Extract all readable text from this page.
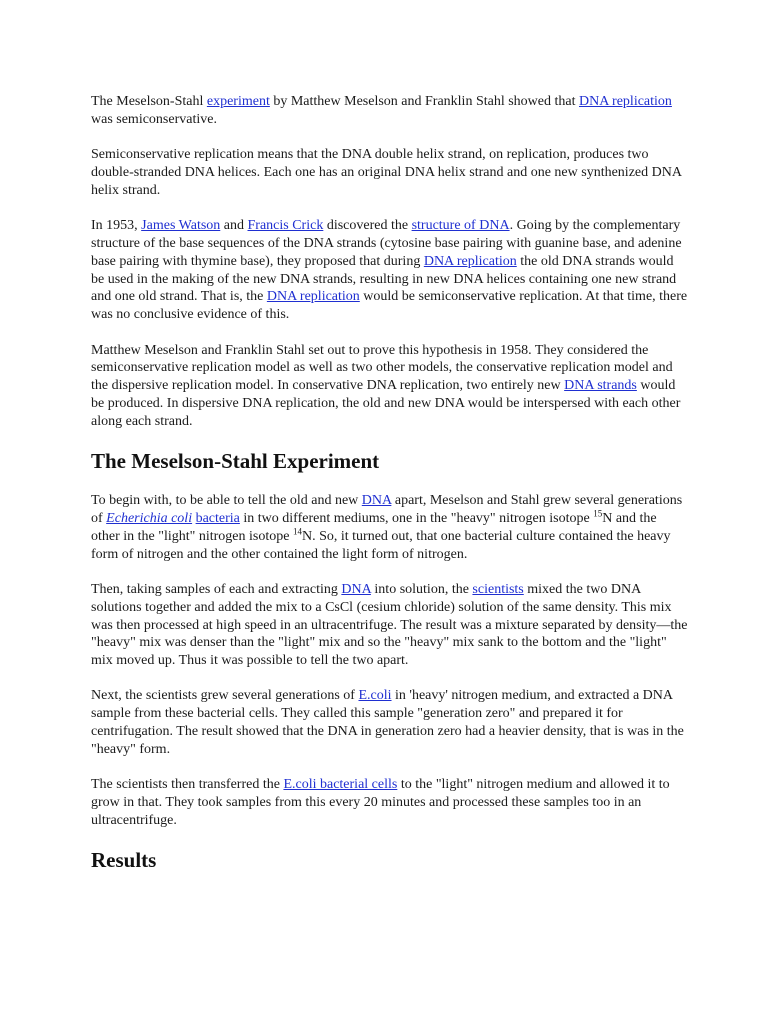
The Meselson-Stahl experiment by Matthew Meselson and Franklin Stahl showed that DNA replication was semiconservative.

Semiconservative replication means that the DNA double helix strand, on replication, produces two double-stranded DNA helices. Each one has an original DNA helix strand and one new synthenized DNA helix strand.

In 1953, James Watson and Francis Crick discovered the structure of DNA. Going by the complementary structure of the base sequences of the DNA strands (cytosine base pairing with guanine base, and adenine base pairing with thymine base), they proposed that during DNA replication the old DNA strands would be used in the making of the new DNA strands, resulting in new DNA helices containing one new strand and one old strand. That is, the DNA replication would be semiconservative replication. At that time, there was no conclusive evidence of this.

Matthew Meselson and Franklin Stahl set out to prove this hypothesis in 1958. They considered the semiconservative replication model as well as two other models, the conservative replication model and the dispersive replication model. In conservative DNA replication, two entirely new DNA strands would be produced. In dispersive DNA replication, the old and new DNA would be interspersed with each other along each strand.

The Meselson-Stahl Experiment

To begin with, to be able to tell the old and new DNA apart, Meselson and Stahl grew several generations of Echerichia coli bacteria in two different mediums, one in the "heavy" nitrogen isotope $^{15}$N and the other in the "light" nitrogen isotope $^{14}$N. So, it turned out, that one bacterial culture contained the heavy form of nitrogen and the other contained the light form of nitrogen.

Then, taking samples of each and extracting DNA into solution, the scientists mixed the two DNA solutions together and added the mix to a CsCl (cesium chloride) solution of the same density. This mix was then processed at high speed in an ultracentrifuge. The result was a mixture separated by density—the "heavy" mix was denser than the "light" mix and so the "heavy" mix sank to the bottom and the "light" mix moved up. Thus it was possible to tell the two apart.

Next, the scientists grew several generations of E.coli in 'heavy' nitrogen medium, and extracted a DNA sample from these bacterial cells. They called this sample "generation zero" and prepared it for centrifugation. The result showed that the DNA in generation zero had a heavier density, that is was in the "heavy" form.

The scientists then transferred the E.coli bacterial cells to the "light" nitrogen medium and allowed it to grow in that. They took samples from this every 20 minutes and processed these samples too in an ultracentrifuge.

Results
